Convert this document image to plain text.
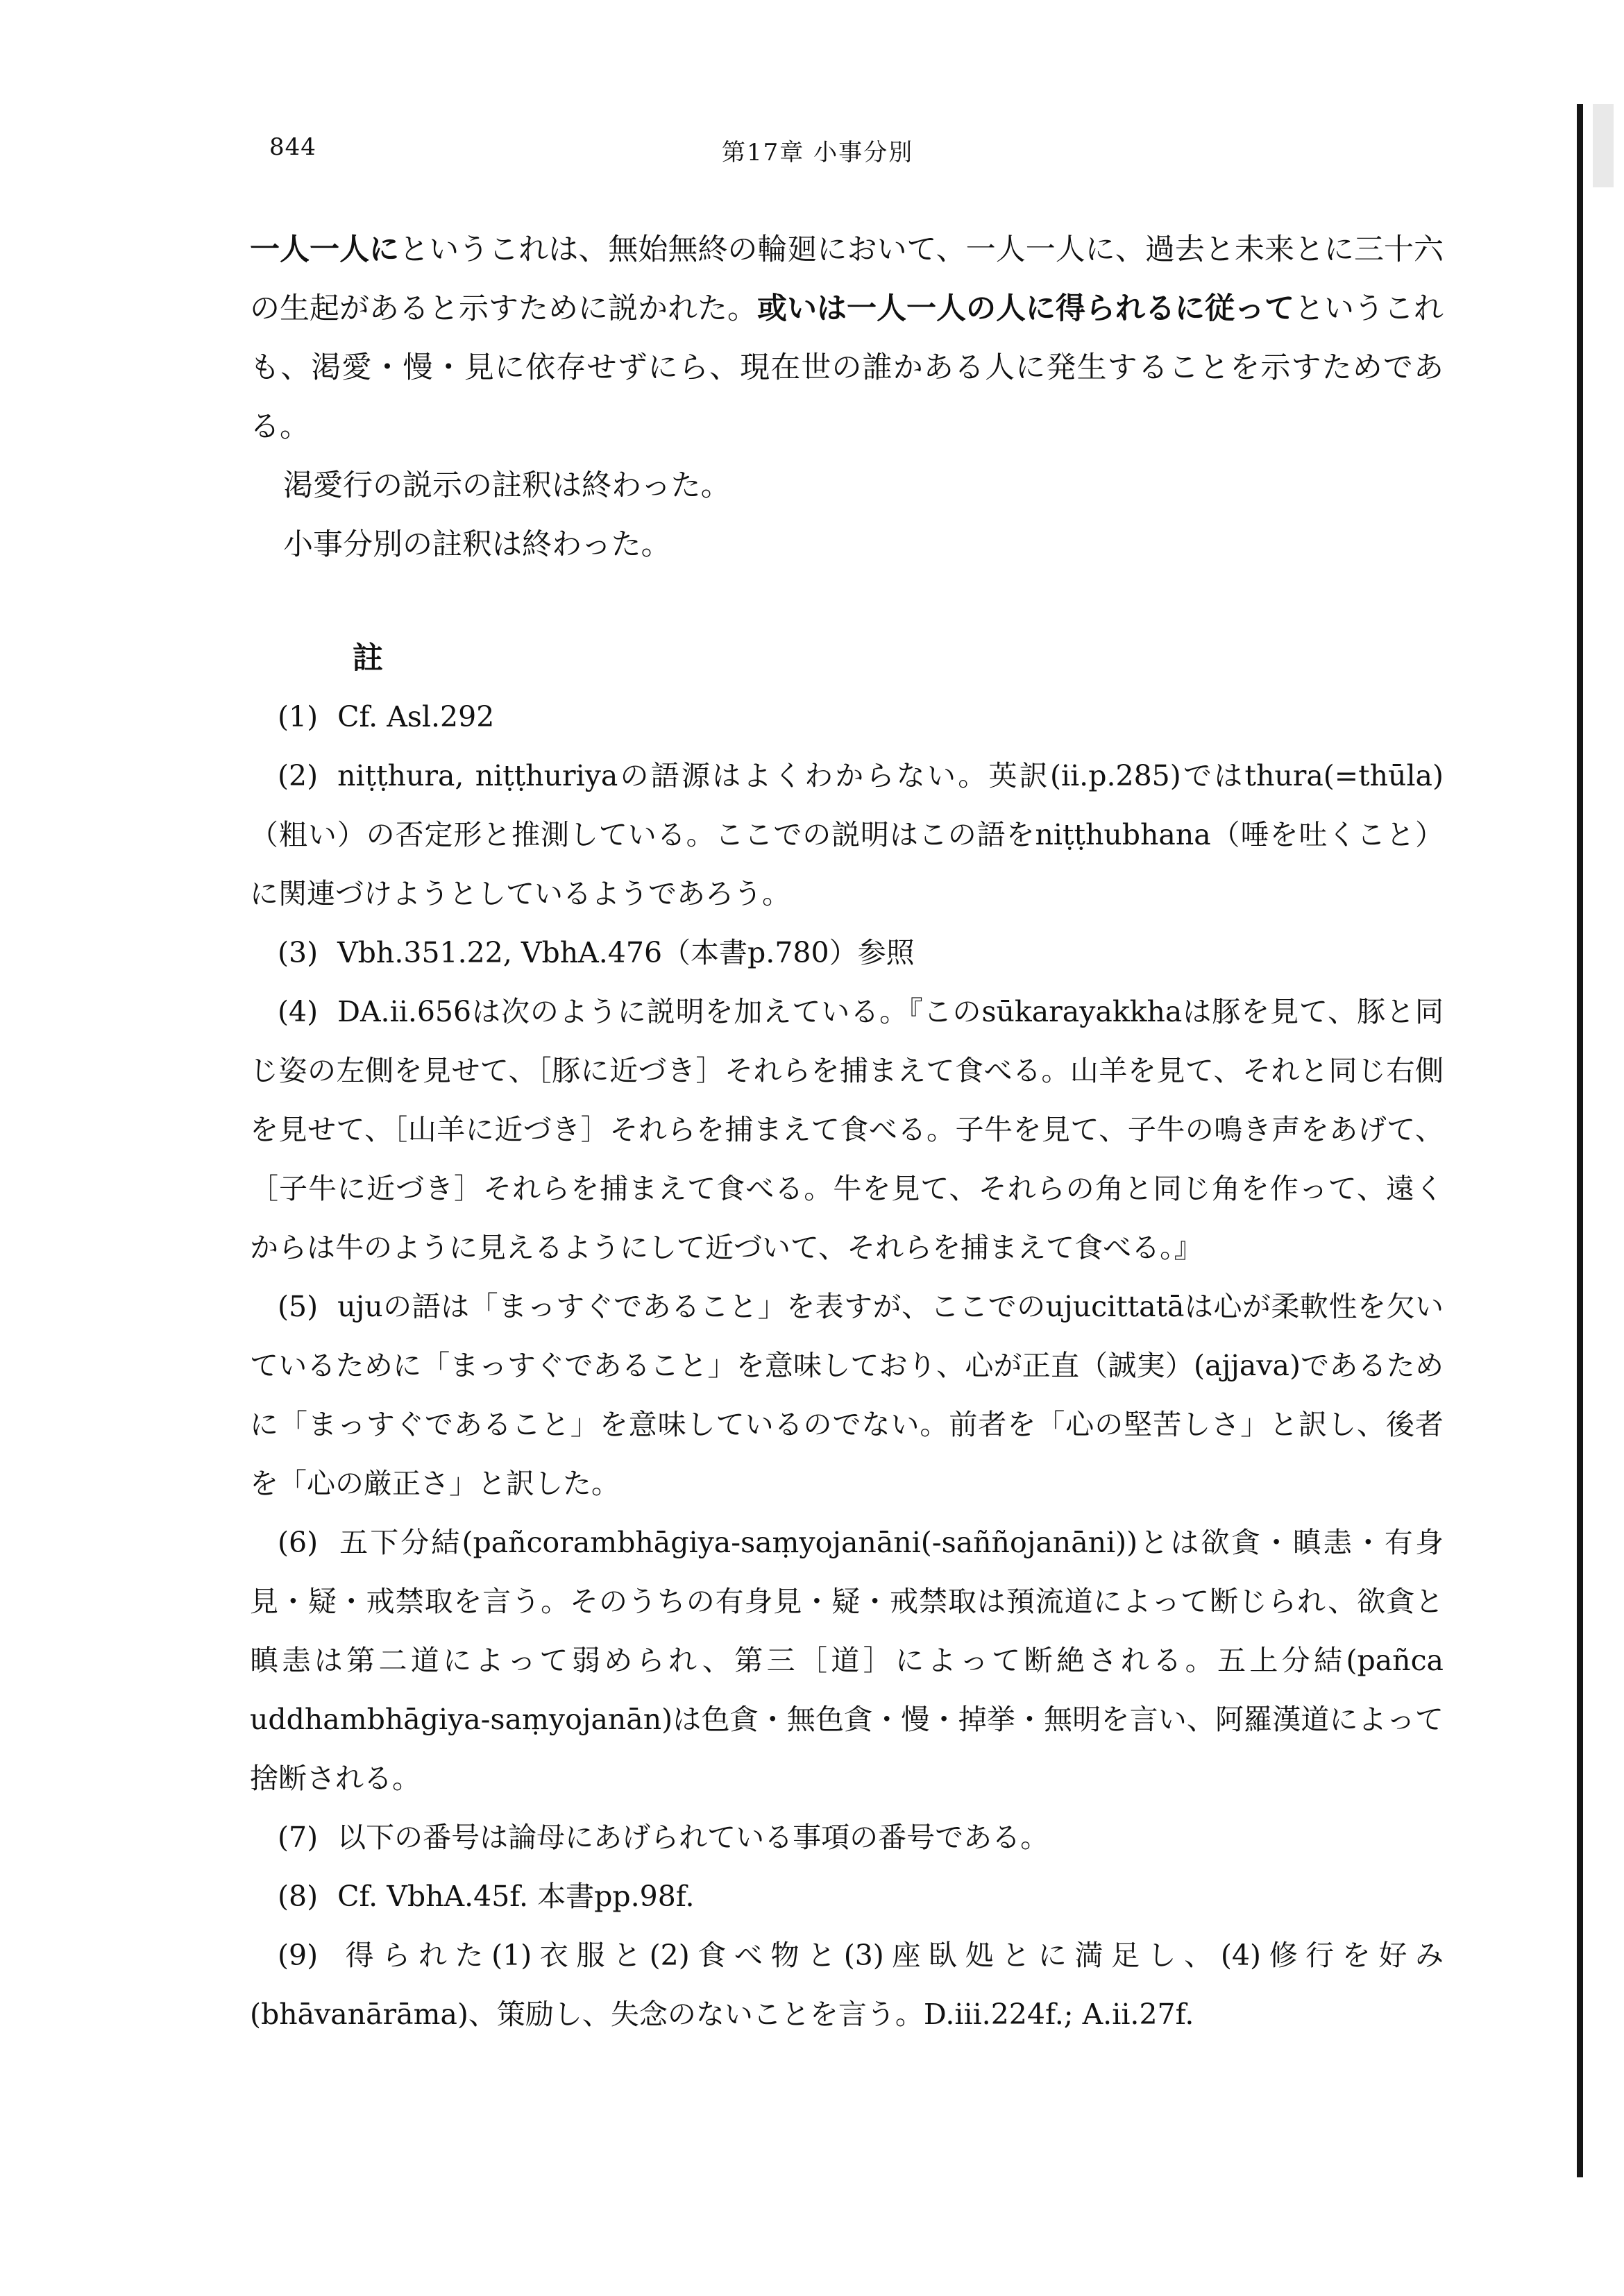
844	第17章 小事分別

一人一人にというこれは、無始無終の輪廻において、一人一人に、過去と未来とに三十六の生起があると示すために説かれた。或いは一人一人の人に得られるに従ってというこれも、渇愛・慢・見に依存せずにら、現在世の誰かある人に発生することを示すためである。

渇愛行の説示の註釈は終わった。

小事分別の註釈は終わった。

註

(1) Cf. Asl.292

(2) niṭṭhura, niṭṭhuriyaの語源はよくわからない。英訳(ii.p.285)ではthura(=thūla)（粗い）の否定形と推測している。ここでの説明はこの語をniṭṭhubhana（唾を吐くこと）に関連づけようとしているようであろう。

(3) Vbh.351.22, VbhA.476（本書p.780）参照

(4) DA.ii.656は次のように説明を加えている。『このsūkarayakkhaは豚を見て、豚と同じ姿の左側を見せて、［豚に近づき］それらを捕まえて食べる。山羊を見て、それと同じ右側を見せて、［山羊に近づき］それらを捕まえて食べる。子牛を見て、子牛の鳴き声をあげて、［子牛に近づき］それらを捕まえて食べる。牛を見て、それらの角と同じ角を作って、遠くからは牛のように見えるようにして近づいて、それらを捕まえて食べる。』

(5) ujuの語は「まっすぐであること」を表すが、ここでのujucittatāは心が柔軟性を欠いているために「まっすぐであること」を意味しており、心が正直（誠実）(ajjava)であるために「まっすぐであること」を意味しているのでない。前者を「心の堅苦しさ」と訳し、後者を「心の厳正さ」と訳した。

(6) 五下分結(pañcorambhāgiya-saṃyojanāni(-saññojanāni))とは欲貪・瞋恚・有身見・疑・戒禁取を言う。そのうちの有身見・疑・戒禁取は預流道によって断じられ、欲貪と瞋恚は第二道によって弱められ、第三［道］によって断絶される。五上分結(pañca uddhambhāgiya-saṃyojanān)は色貪・無色貪・慢・掉挙・無明を言い、阿羅漢道によって捨断される。

(7) 以下の番号は論母にあげられている事項の番号である。

(8) Cf. VbhA.45f. 本書pp.98f.

(9) 得られた(1)衣服と(2)食べ物と(3)座臥処とに満足し、(4)修行を好み(bhāvanārāma)、策励し、失念のないことを言う。D.iii.224f.; A.ii.27f.
